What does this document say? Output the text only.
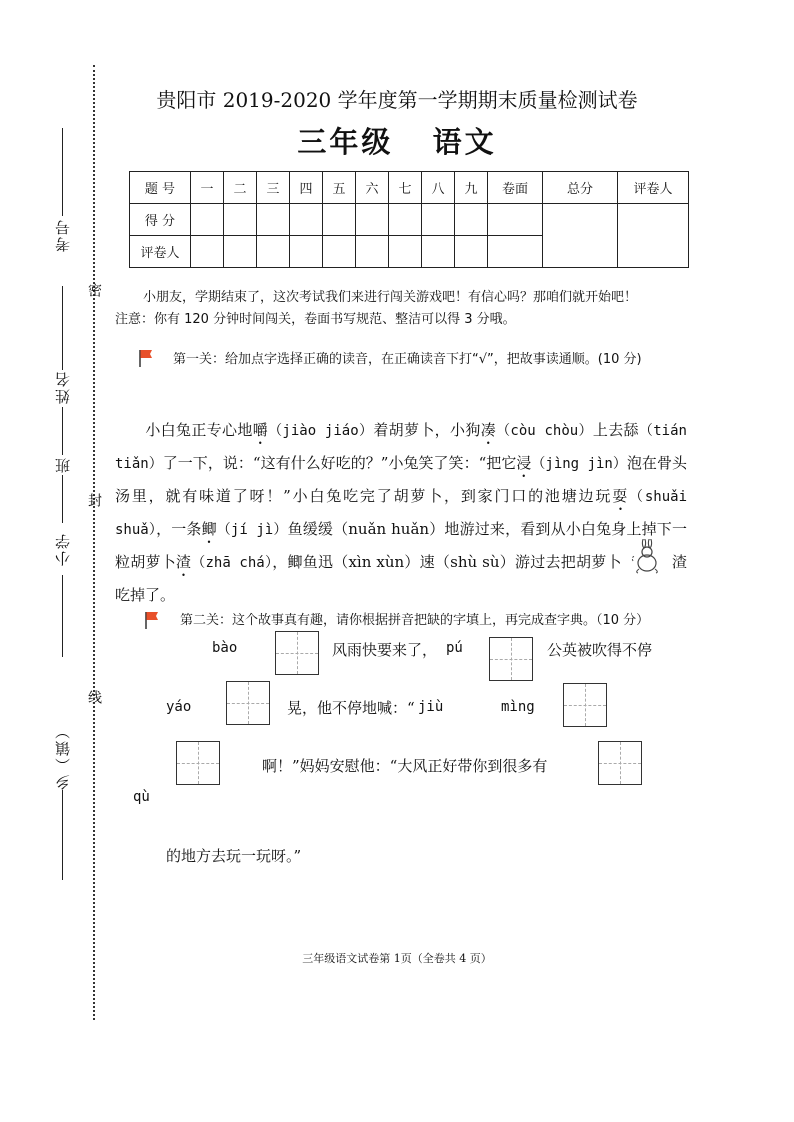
考号
姓名
班
小学
乡（镇）
密
封
线
贵阳市 2019-2020 学年度第一学期期末质量检测试卷
三年级   语文
题 号	一	二	三	四	五	六	七	八	九	卷面	总分	评卷人
得 分												
评卷人												
小朋友，学期结束了，这次考试我们来进行闯关游戏吧！有信心吗？那咱们就开始吧！
注意：你有 120 分钟时间闯关，卷面书写规范、整洁可以得 3 分哦。
第一关：给加点字选择正确的读音，在正确读音下打“√”，把故事读通顺。(10 分)
小白兔正专心地嚼（jiào jiáo）着胡萝卜，小狗凑（còu chòu）上去舔（tián tiǎn）了一下，说：“这有什么好吃的？”小兔笑了笑：“把它浸（jìng jìn）泡在骨头汤里，就有味道了呀！”小白兔吃完了胡萝卜，到家门口的池塘边玩耍（shuǎi shuǎ），一条鲫（jí jì）鱼缓缓（nuǎn huǎn）地游过来，看到从小白兔身上掉下一粒胡萝卜渣（zhā chá），鲫鱼迅（xìn xùn）速（shù sù）游过去把胡萝卜	渣吃掉了。
第二关：这个故事真有趣，请你根据拼音把缺的字填上，再完成查字典。（10 分）
bào	风雨快要来了， pú	公英被吹得不停
yáo	晃，他不停地喊：“ jiù	mìng
啊！”妈妈安慰他：“大风正好带你到很多有
qù
的地方去玩一玩呀。”
三年级语文试卷第 1页（全卷共 4 页）
